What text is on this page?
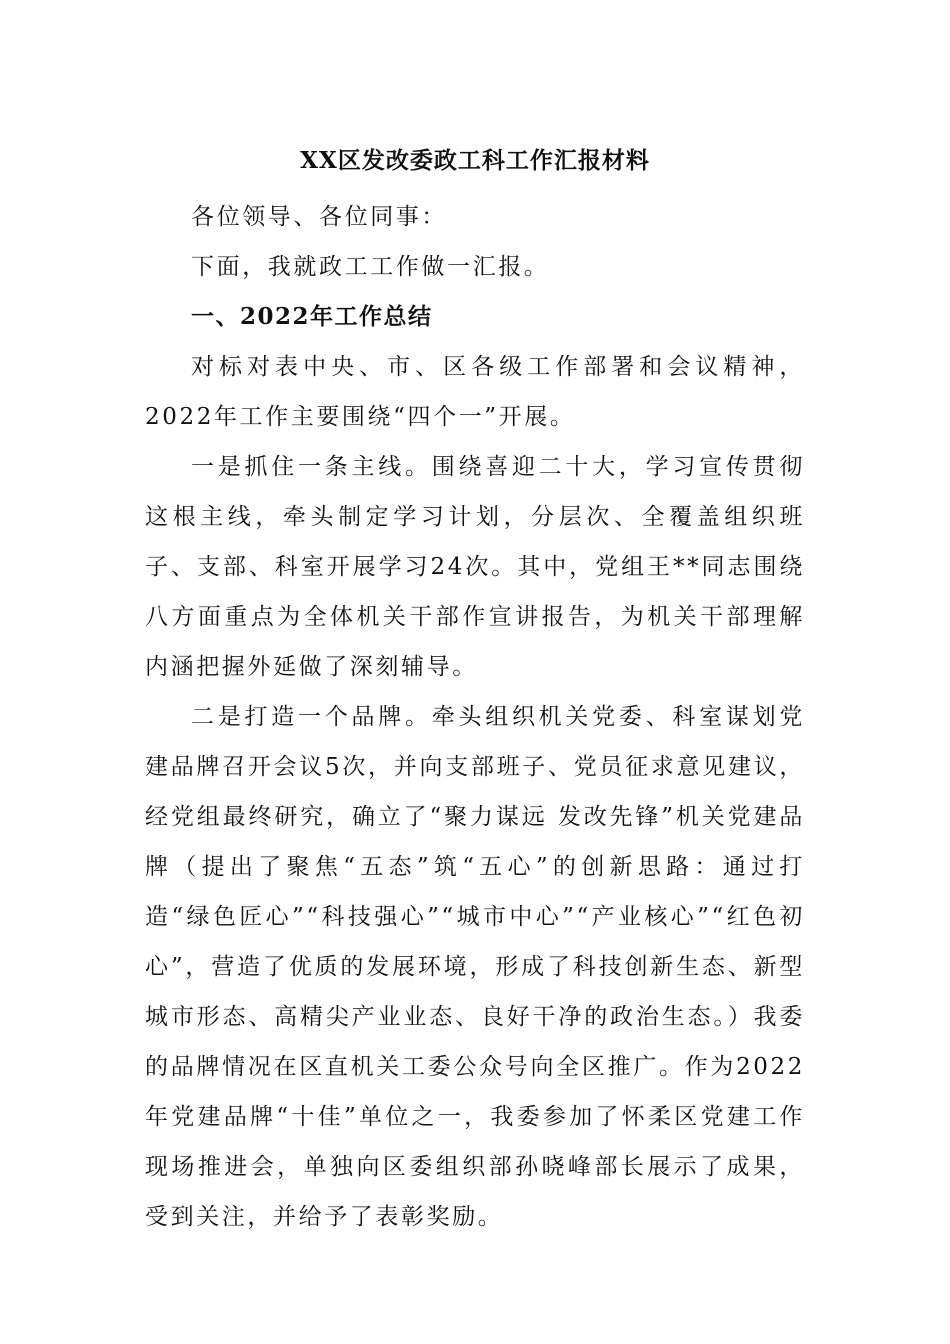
XX区发改委政工科工作汇报材料

各位领导、各位同事：

下面，我就政工工作做一汇报。

一、2022年工作总结

对标对表中央、市、区各级工作部署和会议精神，2022年工作主要围绕“四个一”开展。

一是抓住一条主线。围绕喜迎二十大，学习宣传贯彻这根主线，牵头制定学习计划，分层次、全覆盖组织班子、支部、科室开展学习24次。其中，党组王**同志围绕八方面重点为全体机关干部作宣讲报告，为机关干部理解内涵把握外延做了深刻辅导。

二是打造一个品牌。牵头组织机关党委、科室谋划党建品牌召开会议5次，并向支部班子、党员征求意见建议，经党组最终研究，确立了“聚力谋远 发改先锋”机关党建品牌（提出了聚焦“五态”筑“五心”的创新思路：通过打造“绿色匠心”“科技强心”“城市中心”“产业核心”“红色初心”，营造了优质的发展环境，形成了科技创新生态、新型城市形态、高精尖产业业态、良好干净的政治生态。）我委的品牌情况在区直机关工委公众号向全区推广。作为2022年党建品牌“十佳”单位之一，我委参加了怀柔区党建工作现场推进会，单独向区委组织部孙晓峰部长展示了成果，受到关注，并给予了表彰奖励。
